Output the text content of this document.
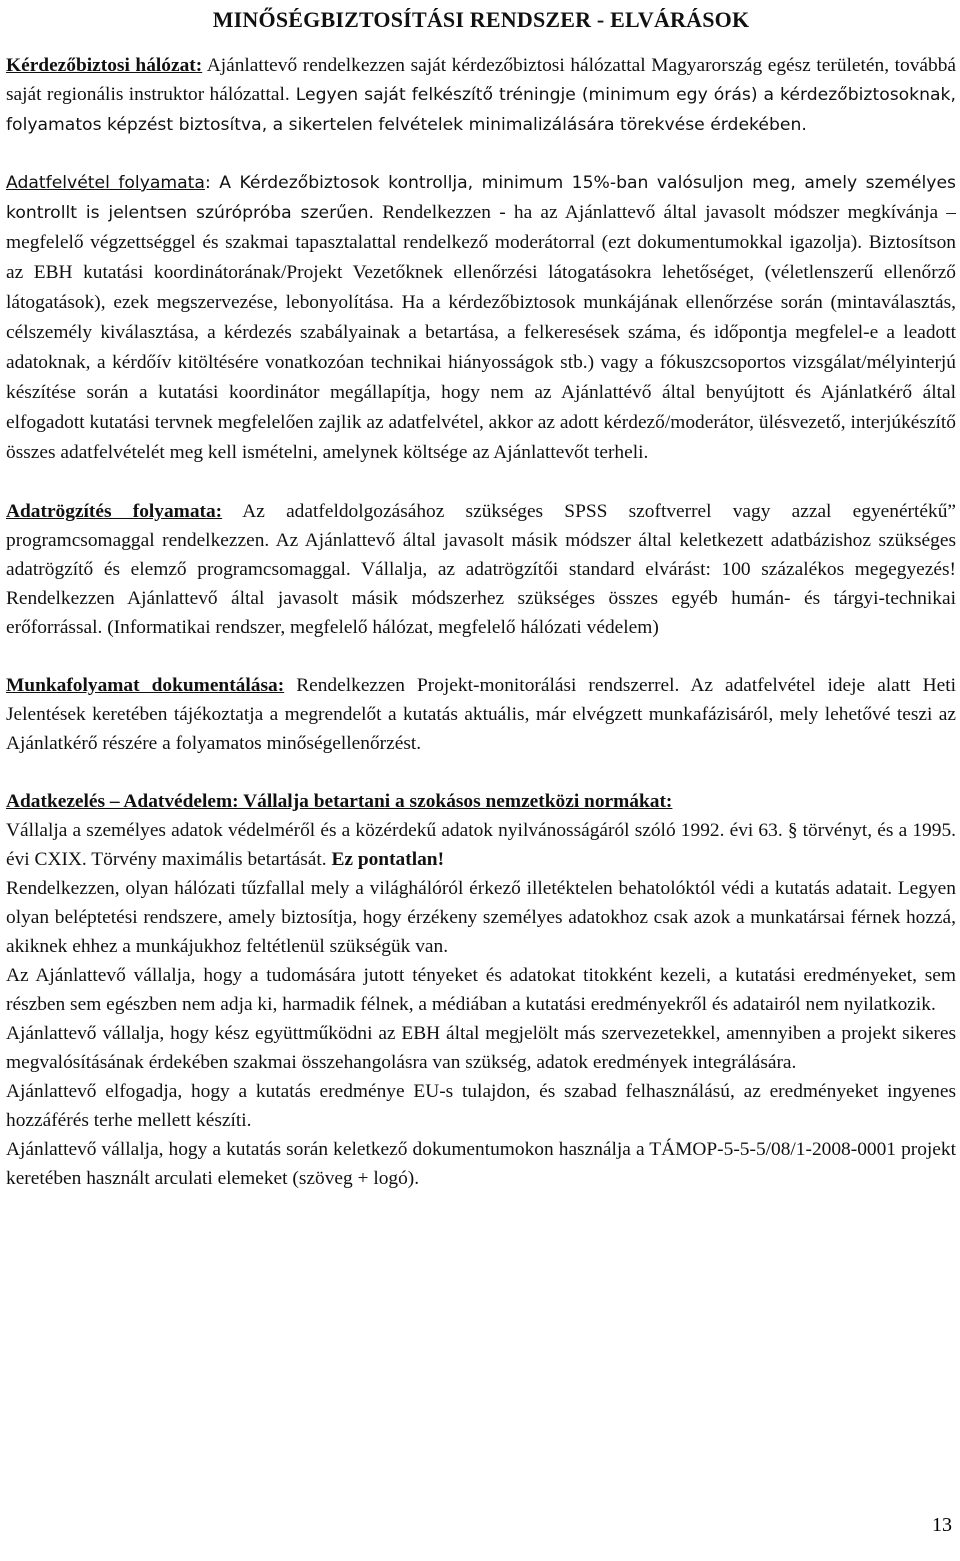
MINŐSÉGBIZTOSÍTÁSI RENDSZER - ELVÁRÁSOK

Kérdezőbiztosi hálózat: Ajánlattevő rendelkezzen saját kérdezőbiztosi hálózattal Magyarország egész területén, továbbá saját regionális instruktor hálózattal. Legyen saját felkészítő tréningje (minimum egy órás) a kérdezőbiztosoknak, folyamatos képzést biztosítva, a sikertelen felvételek minimalizálására törekvése érdekében.

Adatfelvétel folyamata: A Kérdezőbiztosok kontrollja, minimum 15%-ban valósuljon meg, amely személyes kontrollt is jelentsen szúrópróba szerűen. Rendelkezzen - ha az Ajánlattevő által javasolt módszer megkívánja – megfelelő végzettséggel és szakmai tapasztalattal rendelkező moderátorral (ezt dokumentumokkal igazolja). Biztosítson az EBH kutatási koordinátorának/Projekt Vezetőknek ellenőrzési látogatásokra lehetőséget, (véletlenszerű ellenőrző látogatások), ezek megszervezése, lebonyolítása. Ha a kérdezőbiztosok munkájának ellenőrzése során (mintaválasztás, célszemély kiválasztása, a kérdezés szabályainak a betartása, a felkeresések száma, és időpontja megfelel-e a leadott adatoknak, a kérdőív kitöltésére vonatkozóan technikai hiányosságok stb.) vagy a fókuszcsoportos vizsgálat/mélyinterjú készítése során a kutatási koordinátor megállapítja, hogy nem az Ajánlattévő által benyújtott és Ajánlatkérő által elfogadott kutatási tervnek megfelelően zajlik az adatfelvétel, akkor az adott kérdező/moderátor, ülésvezető, interjúkészítő összes adatfelvételét meg kell ismételni, amelynek költsége az Ajánlattevőt terheli.

Adatrögzítés folyamata: Az adatfeldolgozásához szükséges SPSS szoftverrel vagy azzal egyenértékű” programcsomaggal rendelkezzen. Az Ajánlattevő által javasolt másik módszer által keletkezett adatbázishoz szükséges adatrögzítő és elemző programcsomaggal. Vállalja, az adatrögzítői standard elvárást: 100 százalékos megegyezés! Rendelkezzen Ajánlattevő által javasolt másik módszerhez szükséges összes egyéb humán- és tárgyi-technikai erőforrással. (Informatikai rendszer, megfelelő hálózat, megfelelő hálózati védelem)

Munkafolyamat dokumentálása: Rendelkezzen Projekt-monitorálási rendszerrel. Az adatfelvétel ideje alatt Heti Jelentések keretében tájékoztatja a megrendelőt a kutatás aktuális, már elvégzett munkafázisáról, mely lehetővé teszi az Ajánlatkérő részére a folyamatos minőségellenőrzést.

Adatkezelés – Adatvédelem: Vállalja betartani a szokásos nemzetközi normákat:

Vállalja a személyes adatok védelméről és a közérdekű adatok nyilvánosságáról szóló 1992. évi 63. § törvényt, és a 1995. évi CXIX. Törvény maximális betartását. Ez pontatlan!

Rendelkezzen, olyan hálózati tűzfallal mely a világhálóról érkező illetéktelen behatolóktól védi a kutatás adatait. Legyen olyan beléptetési rendszere, amely biztosítja, hogy érzékeny személyes adatokhoz csak azok a munkatársai férnek hozzá, akiknek ehhez a munkájukhoz feltétlenül szükségük van.

Az Ajánlattevő vállalja, hogy a tudomására jutott tényeket és adatokat titokként kezeli, a kutatási eredményeket, sem részben sem egészben nem adja ki, harmadik félnek, a médiában a kutatási eredményekről és adatairól nem nyilatkozik.

Ajánlattevő vállalja, hogy kész együttműködni az EBH által megjelölt más szervezetekkel, amennyiben a projekt sikeres megvalósításának érdekében szakmai összehangolásra van szükség, adatok eredmények integrálására.

Ajánlattevő elfogadja, hogy a kutatás eredménye EU-s tulajdon, és szabad felhasználású, az eredményeket ingyenes hozzáférés terhe mellett készíti.

Ajánlattevő vállalja, hogy a kutatás során keletkező dokumentumokon használja a TÁMOP-5-5-5/08/1-2008-0001 projekt keretében használt arculati elemeket (szöveg + logó).

13
